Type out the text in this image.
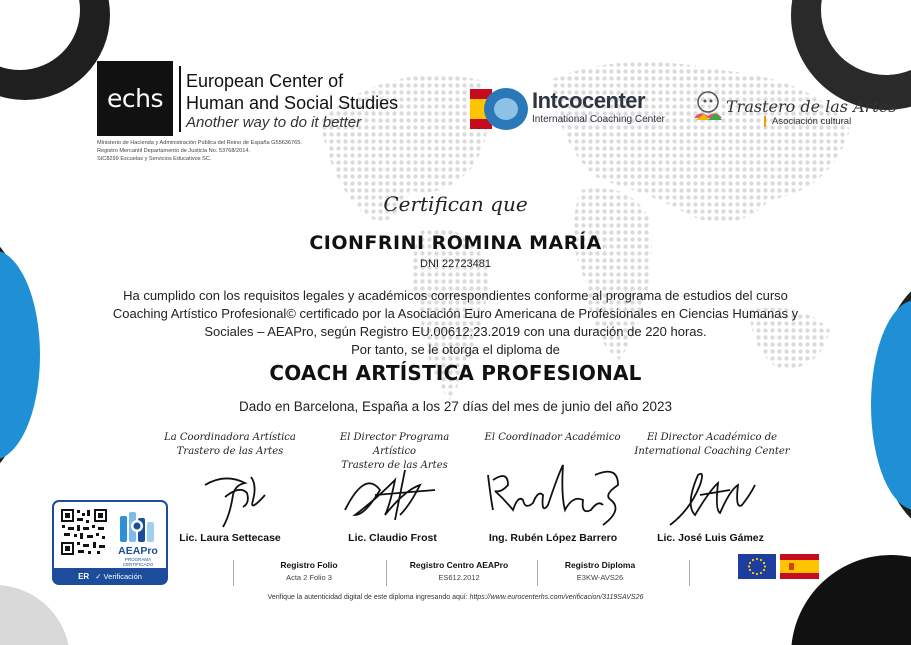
echs
European Center of
Human and Social Studies
Another way to do it better
Ministerio de Hacienda y Administración Pública del Reino de España G55636765.
Registro Mercantil Departamento de Justicia No. 53768/2014.
SIC8299 Escuelas y Servicios Educativos SC.
Intcocenter
International Coaching Center
Trastero de las Artes
Asociación cultural
Certifican que
CIONFRINI ROMINA MARÍA
DNI 22723481
Ha cumplido con los requisitos legales y académicos correspondientes conforme al programa de estudios del curso
Coaching Artístico Profesional© certificado por la Asociación Euro Americana de Profesionales en Ciencias Humanas y
Sociales – AEAPro, según Registro EU.00612.23.2019 con una duración de 220 horas.
Por tanto, se le otorga el diploma de
COACH ARTÍSTICA PROFESIONAL
Dado en Barcelona, España a los 27 días del mes de junio del año 2023
La Coordinadora Artística
Trastero de las Artes
El Director Programa Artístico
Trastero de las Artes
El Coordinador Académico	El Director Académico de
International Coaching Center
Lic. Laura Settecase	Lic. Claudio Frost	Ing. Rubén López Barrero	Lic. José Luis Gámez
AEAPro
PROGRAMA CERTIFICADO
ER ✓ Verificación
Registro Folio
Acta 2 Folio 3
Registro Centro AEAPro
ES612.2012
Registro Diploma
E3KW-AVS26
Verifique la autenticidad digital de este diploma ingresando aquí: https://www.eurocenterhs.com/verificacion/3119SAVS26
